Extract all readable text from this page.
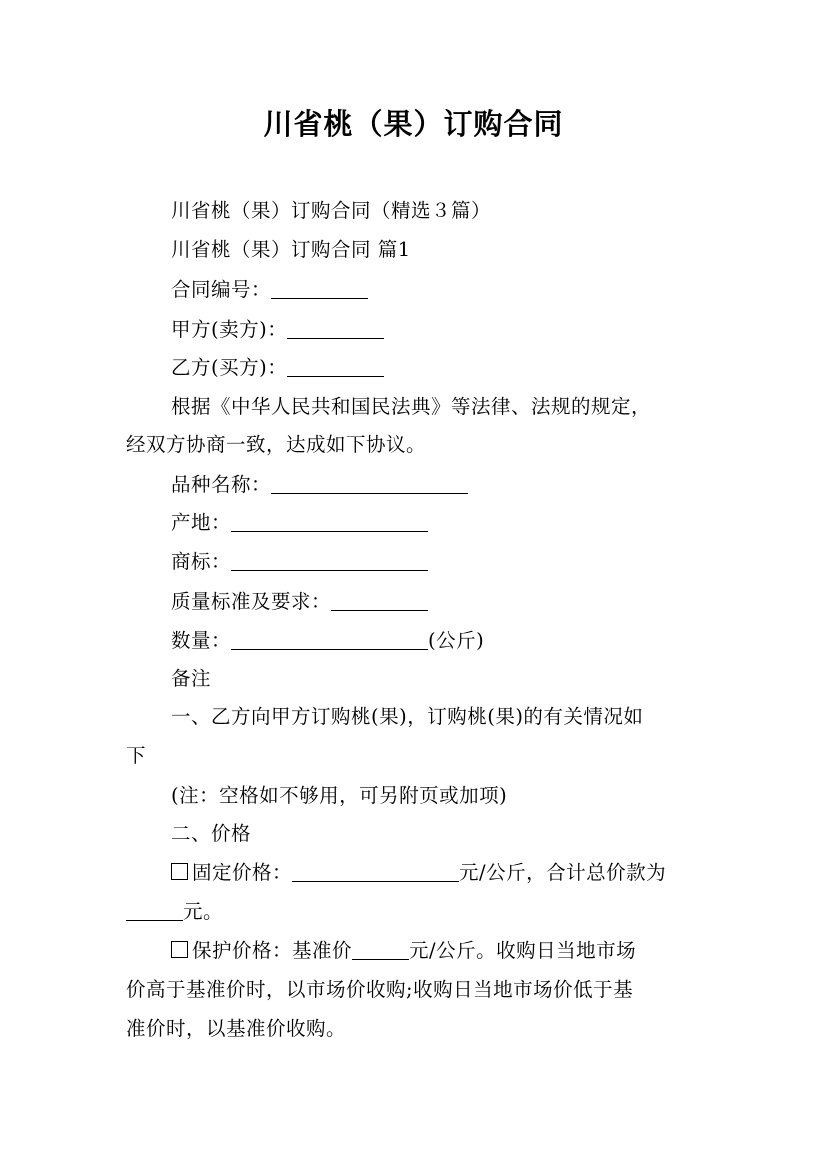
川省桃（果）订购合同
川省桃（果）订购合同（精选３篇）
川省桃（果）订购合同 篇1
合同编号：
甲方(卖方)：
乙方(买方)：
根据《中华人民共和国民法典》等法律、法规的规定，
经双方协商一致，达成如下协议。
品种名称：
产地：
商标：
质量标准及要求：
数量：	(公斤)
备注
一、乙方向甲方订购桃(果)，订购桃(果)的有关情况如
下
(注：空格如不够用，可另附页或加项)
二、价格
固定价格：	元/公斤，合计总价款为
元。
保护价格：基准价	元/公斤。收购日当地市场
价高于基准价时，以市场价收购;收购日当地市场价低于基
准价时，以基准价收购。
